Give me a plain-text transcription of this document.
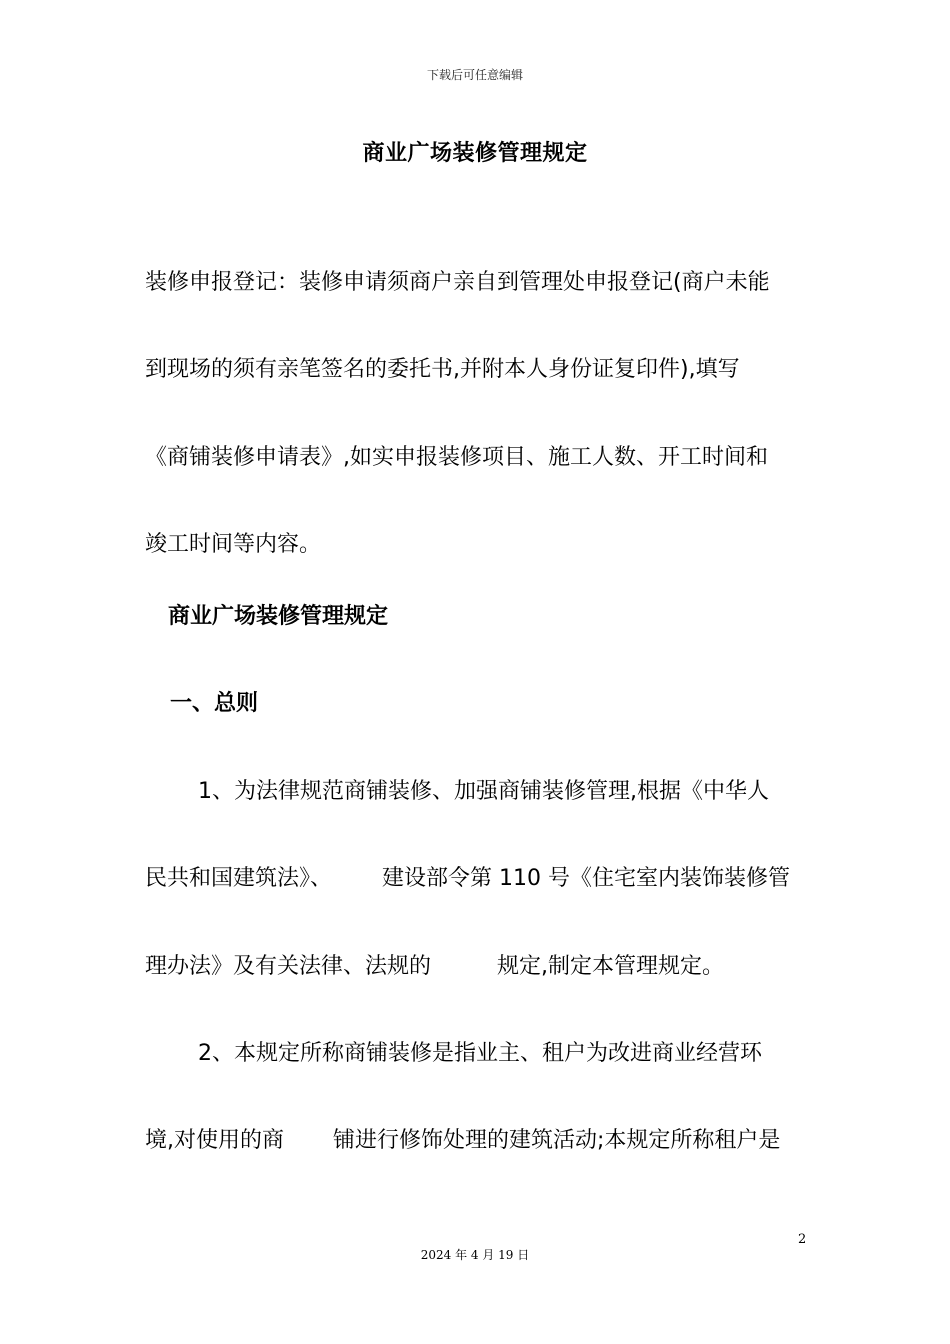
下载后可任意编辑
商业广场装修管理规定
装修申报登记：装修申请须商户亲自到管理处申报登记(商户未能
到现场的须有亲笔签名的委托书,并附本人身份证复印件),填写
《商铺装修申请表》,如实申报装修项目、施工人数、开工时间和
竣工时间等内容。
商业广场装修管理规定
一、总则
1、为法律规范商铺装修、加强商铺装修管理,根据《中华人
民共和国建筑法》、 建设部令第 110 号《住宅室内装饰装修管
理办法》及有关法律、法规的	规定,制定本管理规定。
2、本规定所称商铺装修是指业主、租户为改进商业经营环
境,对使用的商 铺进行修饰处理的建筑活动;本规定所称租户是
2
2024 年 4 月 19 日
